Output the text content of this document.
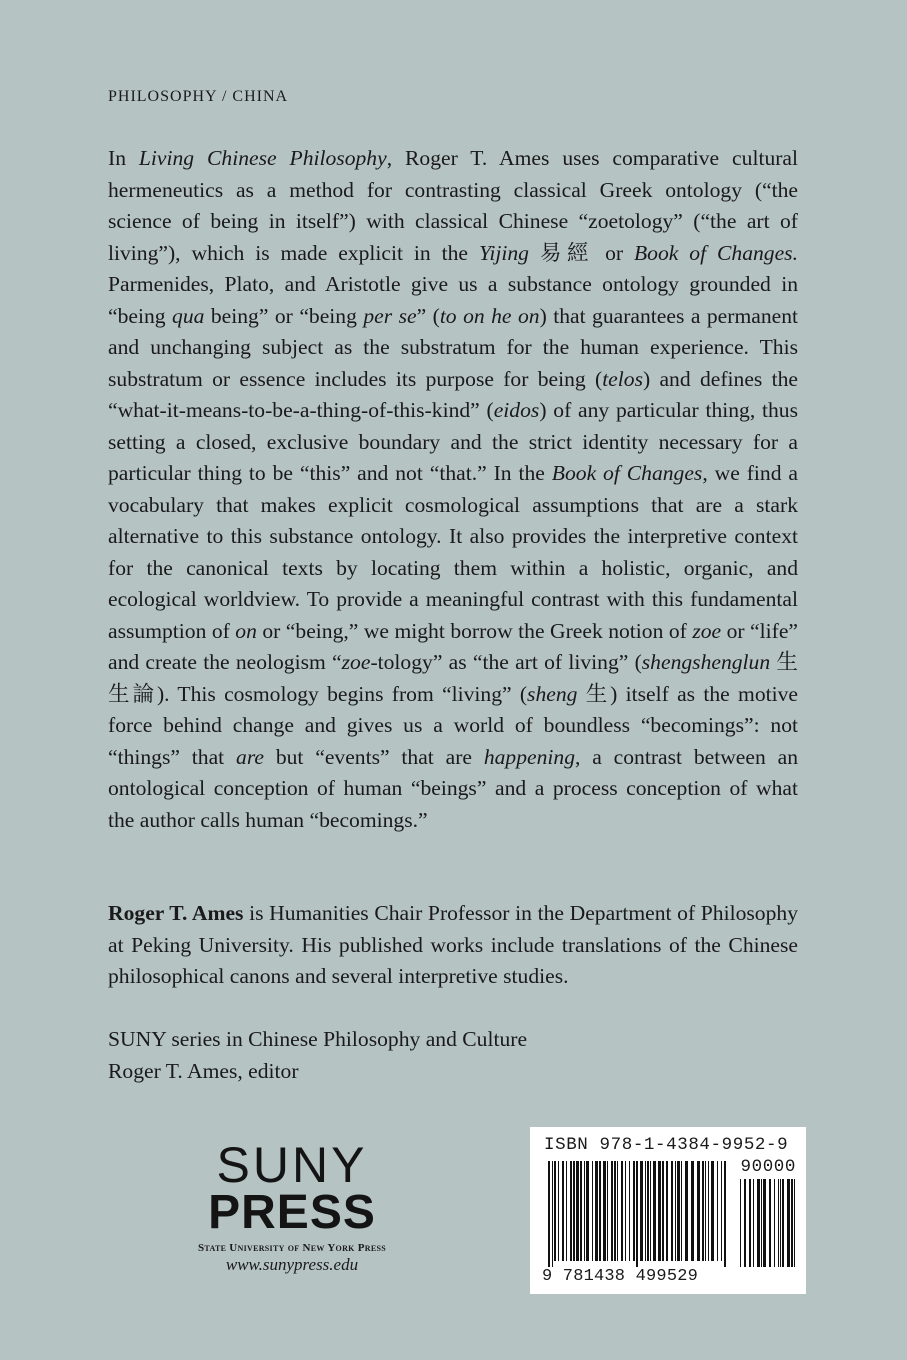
PHILOSOPHY / CHINA

In Living Chinese Philosophy, Roger T. Ames uses comparative cultural hermeneutics as a method for contrasting classical Greek ontology (“the science of being in itself”) with classical Chinese “zoetology” (“the art of living”), which is made explicit in the Yijing 易經 or Book of Changes. Parmenides, Plato, and Aristotle give us a substance ontology grounded in “being qua being” or “being per se” (to on he on) that guarantees a permanent and unchanging subject as the substratum for the human experience. This substratum or essence includes its purpose for being (telos) and defines the “what-it-means-to-be-a-thing-of-this-kind” (eidos) of any particular thing, thus setting a closed, exclusive boundary and the strict identity necessary for a particular thing to be “this” and not “that.” In the Book of Changes, we find a vocabulary that makes explicit cosmological assumptions that are a stark alternative to this substance ontology. It also provides the interpretive context for the canonical texts by locating them within a holistic, organic, and ecological worldview. To provide a meaningful contrast with this fundamental assumption of on or “being,” we might borrow the Greek notion of zoe or “life” and create the neologism “zoe-tology” as “the art of living” (shengshenglun 生生論). This cosmology begins from “living” (sheng 生) itself as the motive force behind change and gives us a world of boundless “becomings”: not “things” that are but “events” that are happening, a contrast between an ontological conception of human “beings” and a process conception of what the author calls human “becomings.”

Roger T. Ames is Humanities Chair Professor in the Department of Philosophy at Peking University. His published works include translations of the Chinese philosophical canons and several interpretive studies.

SUNY series in Chinese Philosophy and Culture
Roger T. Ames, editor
SUNY
PRESS
State University of New York Press
www.sunypress.edu
ISBN 978-1-4384-9952-9
90000
9 781438 499529
